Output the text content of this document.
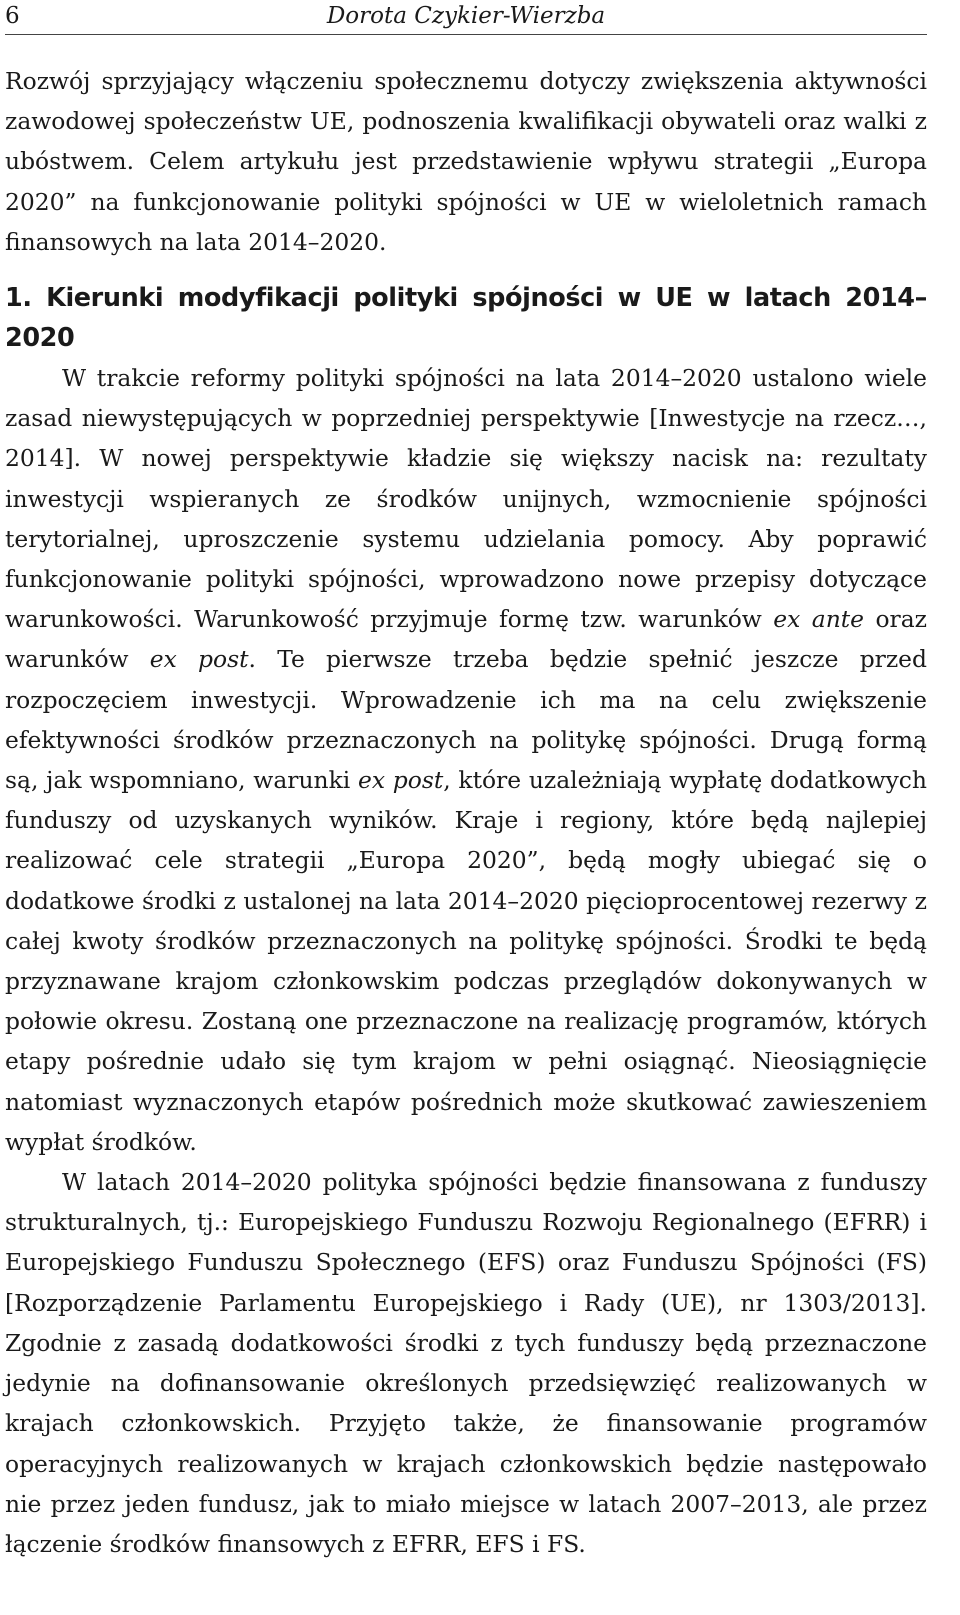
6	Dorota Czykier-Wierzba

Rozwój sprzyjający włączeniu społecznemu dotyczy zwiększenia aktywności zawodowej społeczeństw UE, podnoszenia kwalifikacji obywateli oraz walki z ubóstwem. Celem artykułu jest przedstawienie wpływu strategii „Europa 2020” na funkcjonowanie polityki spójności w UE w wieloletnich ramach finansowych na lata 2014–2020.

1. Kierunki modyfikacji polityki spójności w UE w latach 2014–2020

W trakcie reformy polityki spójności na lata 2014–2020 ustalono wiele zasad niewystępujących w poprzedniej perspektywie [Inwestycje na rzecz…, 2014]. W nowej perspektywie kładzie się większy nacisk na: rezultaty inwestycji wspieranych ze środków unijnych, wzmocnienie spójności terytorialnej, uproszczenie systemu udzielania pomocy. Aby poprawić funkcjonowanie polityki spójności, wprowadzono nowe przepisy dotyczące warunkowości. Warunkowość przyjmuje formę tzw. warunków ex ante oraz warunków ex post. Te pierwsze trzeba będzie spełnić jeszcze przed rozpoczęciem inwestycji. Wprowadzenie ich ma na celu zwiększenie efektywności środków przeznaczonych na politykę spójności. Drugą formą są, jak wspomniano, warunki ex post, które uzależniają wypłatę dodatkowych funduszy od uzyskanych wyników. Kraje i regiony, które będą najlepiej realizować cele strategii „Europa 2020”, będą mogły ubiegać się o dodatkowe środki z ustalonej na lata 2014–2020 pięcioprocentowej rezerwy z całej kwoty środków przeznaczonych na politykę spójności. Środki te będą przyznawane krajom członkowskim podczas przeglądów dokonywanych w połowie okresu. Zostaną one przeznaczone na realizację programów, których etapy pośrednie udało się tym krajom w pełni osiągnąć. Nieosiągnięcie natomiast wyznaczonych etapów pośrednich może skutkować zawieszeniem wypłat środków.

W latach 2014–2020 polityka spójności będzie finansowana z funduszy strukturalnych, tj.: Europejskiego Funduszu Rozwoju Regionalnego (EFRR) i Europejskiego Funduszu Społecznego (EFS) oraz Funduszu Spójności (FS) [Rozporządzenie Parlamentu Europejskiego i Rady (UE), nr 1303/2013]. Zgodnie z zasadą dodatkowości środki z tych funduszy będą przeznaczone jedynie na dofinansowanie określonych przedsięwzięć realizowanych w krajach członkowskich. Przyjęto także, że finansowanie programów operacyjnych realizowanych w krajach członkowskich będzie następowało nie przez jeden fundusz, jak to miało miejsce w latach 2007–2013, ale przez łączenie środków finansowych z EFRR, EFS i FS.
